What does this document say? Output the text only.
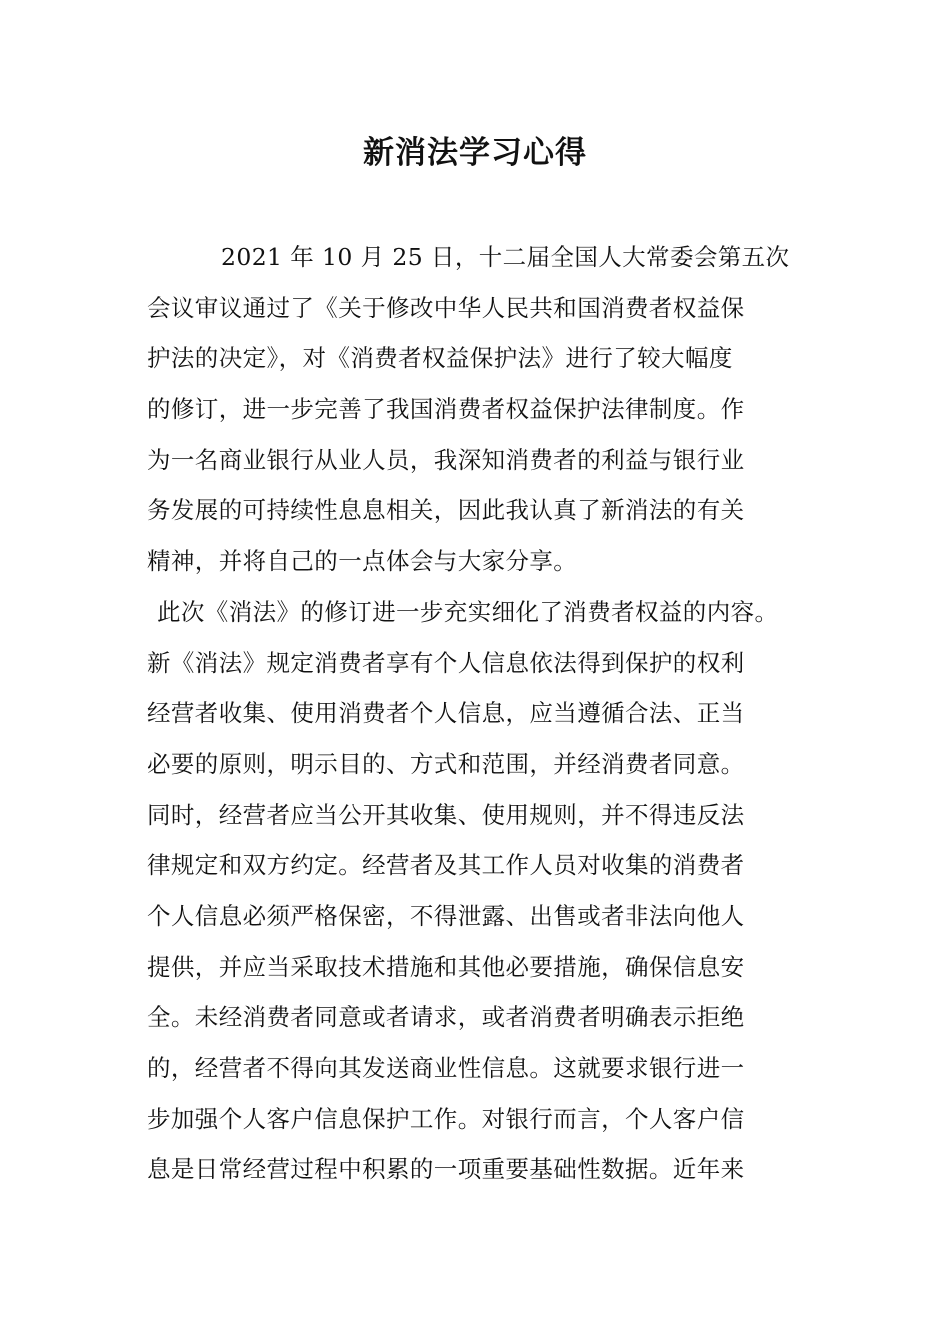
新消法学习心得
2021 年 10 月 25 日，十二届全国人大常委会第五次
会议审议通过了《关于修改中华人民共和国消费者权益保
护法的决定》，对《消费者权益保护法》进行了较大幅度
的修订，进一步完善了我国消费者权益保护法律制度。作
为一名商业银行从业人员，我深知消费者的利益与银行业
务发展的可持续性息息相关，因此我认真了新消法的有关
精神，并将自己的一点体会与大家分享。
此次《消法》的修订进一步充实细化了消费者权益的内容。
新《消法》规定消费者享有个人信息依法得到保护的权利
经营者收集、使用消费者个人信息，应当遵循合法、正当
必要的原则，明示目的、方式和范围，并经消费者同意。
同时，经营者应当公开其收集、使用规则，并不得违反法
律规定和双方约定。经营者及其工作人员对收集的消费者
个人信息必须严格保密，不得泄露、出售或者非法向他人
提供，并应当采取技术措施和其他必要措施，确保信息安
全。未经消费者同意或者请求，或者消费者明确表示拒绝
的，经营者不得向其发送商业性信息。这就要求银行进一
步加强个人客户信息保护工作。对银行而言，个人客户信
息是日常经营过程中积累的一项重要基础性数据。近年来
